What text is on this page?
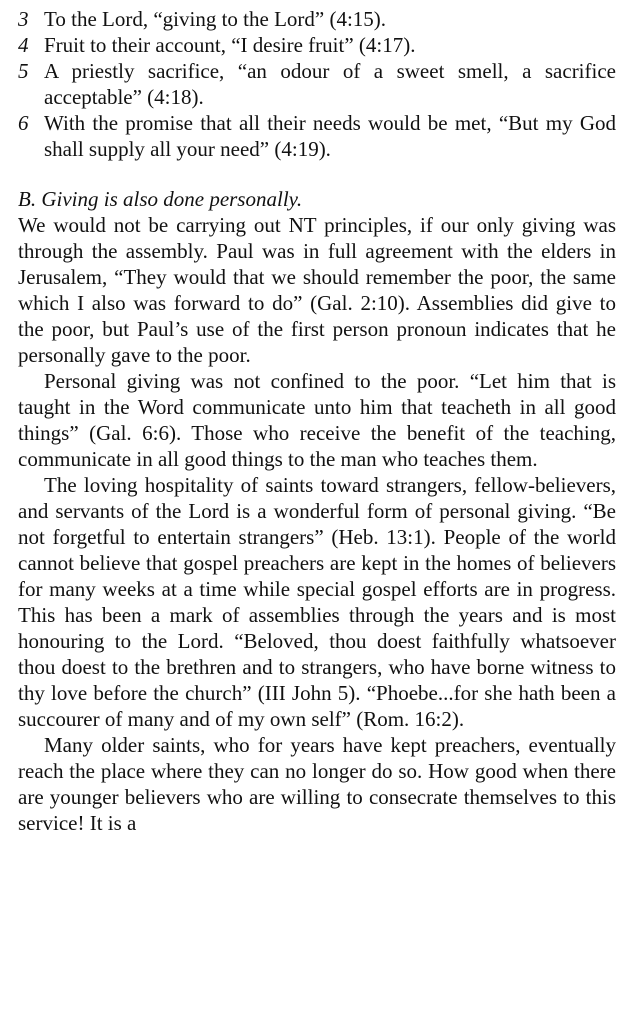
3 To the Lord, “giving to the Lord” (4:15).
4 Fruit to their account, “I desire fruit” (4:17).
5 A priestly sacrifice, “an odour of a sweet smell, a sacrifice acceptable” (4:18).
6 With the promise that all their needs would be met, “But my God shall supply all your need” (4:19).
B. Giving is also done personally.

We would not be carrying out NT principles, if our only giving was through the assembly. Paul was in full agreement with the elders in Jerusalem, “They would that we should remember the poor, the same which I also was forward to do” (Gal. 2:10). Assemblies did give to the poor, but Paul’s use of the first person pronoun indicates that he personally gave to the poor.

Personal giving was not confined to the poor. “Let him that is taught in the Word communicate unto him that teacheth in all good things” (Gal. 6:6). Those who receive the benefit of the teaching, communicate in all good things to the man who teaches them.

The loving hospitality of saints toward strangers, fellow-believers, and servants of the Lord is a wonderful form of personal giving. “Be not forgetful to entertain strangers” (Heb. 13:1). People of the world cannot believe that gospel preachers are kept in the homes of believers for many weeks at a time while special gospel efforts are in progress. This has been a mark of assemblies through the years and is most honouring to the Lord. “Beloved, thou doest faithfully whatsoever thou doest to the brethren and to strangers, who have borne witness to thy love before the church” (III John 5). “Phoebe...for she hath been a succourer of many and of my own self” (Rom. 16:2).

Many older saints, who for years have kept preachers, eventually reach the place where they can no longer do so. How good when there are younger believers who are willing to consecrate themselves to this service! It is a
